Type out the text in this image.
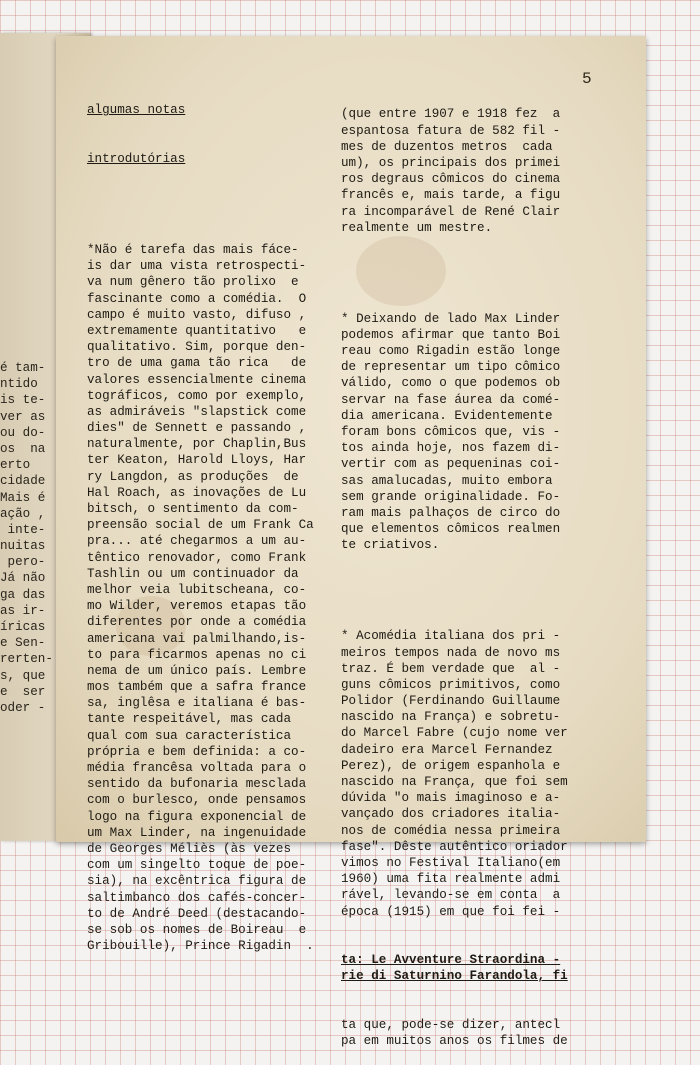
é tam-
ntido
is te-
ver as
ou do-
os  na
erto
cidade
Mais é
ação ,
inte-
nuitas
pero-
Já não
ga das
as ir-
íricas
e Sen-
rerten-
s, que
e  ser
oder -
5

algumas notas

introdutórias

*Não é tarefa das mais fáce-
is dar uma vista retrospecti-
va num gênero tão prolixo  e
fascinante como a comédia.  O
campo é muito vasto, difuso ,
extremamente quantitativo   e
qualitativo. Sim, porque den-
tro de uma gama tão rica   de
valores essencialmente cinema
tográficos, como por exemplo,
as admiráveis "slapstick come
dies" de Sennett e passando ,
naturalmente, por Chaplin,Bus
ter Keaton, Harold Lloys, Har
ry Langdon, as produções  de
Hal Roach, as inovações de Lu
bitsch, o sentimento da com-
preensão social de um Frank Ca
pra... até chegarmos a um au-
têntico renovador, como Frank
Tashlin ou um continuador da
melhor veia lubitscheana, co-
mo Wilder, veremos etapas tão
diferentes por onde a comédia
americana vai palmilhando,is-
to para ficarmos apenas no ci
nema de um único país. Lembre
mos também que a safra france
sa, inglêsa e italiana é bas-
tante respeitável, mas cada
qual com sua característica
própria e bem definida: a co-
média francêsa voltada para o
sentido da bufonaria mesclada
com o burlesco, onde pensamos
logo na figura exponencial de
um Max Linder, na ingenuidade
de Georges Méliès (às vezes
com um singelto toque de poe-
sia), na excêntrica figura de
saltimbanco dos cafés-concer-
to de André Deed (destacando-
se sob os nomes de Boireau  e
Gribouille), Prince Rigadin  .

(que entre 1907 e 1918 fez  a
espantosa fatura de 582 fil -
mes de duzentos metros  cada
um), os principais dos primei
ros degraus cômicos do cinema
francês e, mais tarde, a figu
ra incomparável de René Clair
realmente um mestre.

* Deixando de lado Max Linder
podemos afirmar que tanto Boi
reau como Rigadin estão longe
de representar um tipo cômico
válido, como o que podemos ob
servar na fase áurea da comé-
dia americana. Evidentemente
foram bons cômicos que, vis -
tos ainda hoje, nos fazem di-
vertir com as pequeninas coi-
sas amalucadas, muito embora
sem grande originalidade. Fo-
ram mais palhaços de circo do
que elementos cômicos realmen
te criativos.

* Acomédia italiana dos pri -
meiros tempos nada de novo ms
traz. É bem verdade que  al -
guns cômicos primitivos, como
Polidor (Ferdinando Guillaume
nascido na França) e sobretu-
do Marcel Fabre (cujo nome ver
dadeiro era Marcel Fernandez
Perez), de origem espanhola e
nascido na França, que foi sem
dúvida "o mais imaginoso e a-
vançado dos criadores italia-
nos de comédia nessa primeira
fase". Dêste autêntico oriador
vimos no Festival Italiano(em
1960) uma fita realmente admi
rável, levando-se em conta  a
época (1915) em que foi fei -

ta: Le Avventure Straordina -
rie di Saturnino Farandola, fi

ta que, pode-se dizer, antecl
pa em muitos anos os filmes de
